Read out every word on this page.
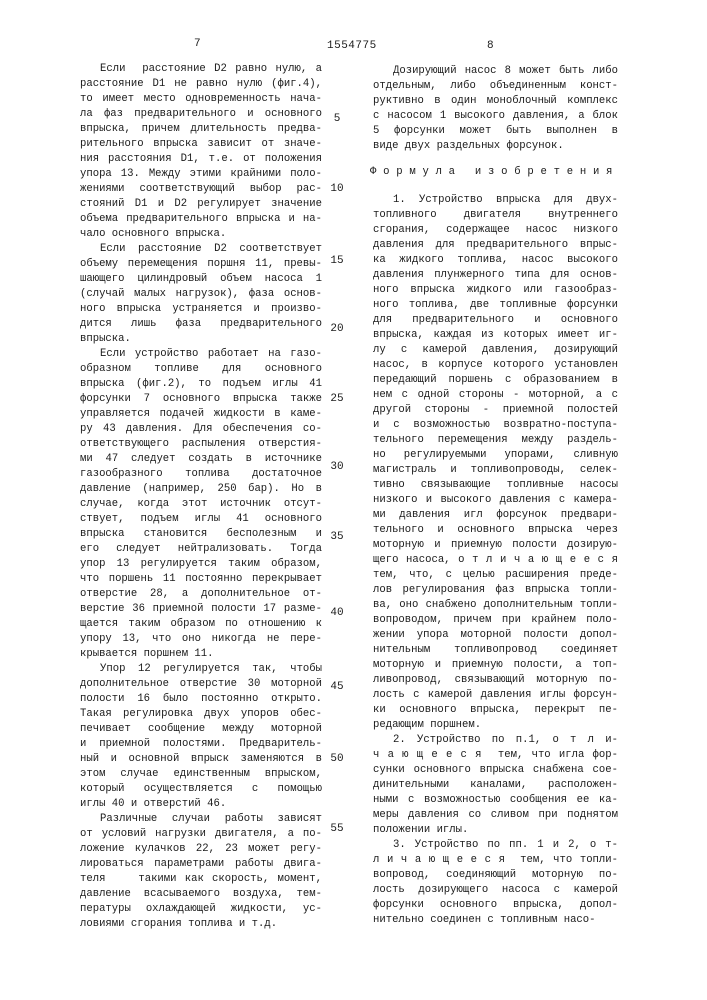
7	1554775	8
Если  расстояние D2 равно нулю, а
расстояние D1 не равно нулю (фиг.4),
то имеет место одновременность нача-
ла фаз предварительного и основного
впрыска, причем длительность предва-
рительного впрыска зависит от значе-
ния расстояния D1, т.е. от положения
упора 13. Между этими крайними поло-
жениями соответствующий выбор рас-
стояний D1 и D2 регулирует значение
объема предварительного впрыска и на-
чало основного впрыска.
Если расстояние D2 соответствует
объему перемещения поршня 11, превы-
шающего цилиндровый объем насоса 1
(случай малых нагрузок), фаза основ-
ного впрыска устраняется и произво-
дится лишь фаза предварительного
впрыска.
Если устройство работает на газо-
образном топливе для основного
впрыска (фиг.2), то подъем иглы 41
форсунки 7 основного впрыска также
управляется подачей жидкости в каме-
ру 43 давления. Для обеспечения со-
ответствующего распыления отверстия-
ми 47 следует создать в источнике
газообразного топлива достаточное
давление (например, 250 бар). Но в
случае, когда этот источник отсут-
ствует, подъем иглы 41 основного
впрыска становится бесполезным и
его следует нейтрализовать. Тогда
упор 13 регулируется таким образом,
что поршень 11 постоянно перекрывает
отверстие 28, а дополнительное от-
верстие 36 приемной полости 17 разме-
щается таким образом по отношению к
упору 13, что оно никогда не пере-
крывается поршнем 11.
Упор 12 регулируется так, чтобы
дополнительное отверстие 30 моторной
полости 16 было постоянно открыто.
Такая регулировка двух упоров обес-
печивает сообщение между моторной
и приемной полостями. Предваритель-
ный и основной впрыск заменяются в
этом случае единственным впрыском,
который осуществляется с помощью
иглы 40 и отверстий 46.
Различные случаи работы зависят
от условий нагрузки двигателя, а по-
ложение кулачков 22, 23 может регу-
лироваться параметрами работы двига-
теля    такими как скорость, момент,
давление всасываемого воздуха, тем-
пературы охлаждающей жидкости, ус-
ловиями сгорания топлива и т.д.
Дозирующий насос 8 может быть либо
отдельным, либо объединенным конст-
руктивно в один моноблочный комплекс
с насосом 1 высокого давления, а блок
5 форсунки может быть выполнен в
виде двух раздельных форсунок.
Ф о р м у л а   и з о б р е т е н и я
1. Устройство впрыска для двух-
топливного двигателя внутреннего
сгорания, содержащее насос низкого
давления для предварительного впрыс-
ка жидкого топлива, насос высокого
давления плунжерного типа для основ-
ного впрыска жидкого или газообраз-
ного топлива, две топливные форсунки
для предварительного и основного
впрыска, каждая из которых имеет иг-
лу с камерой давления, дозирующий
насос, в корпусе которого установлен
передающий поршень с образованием в
нем с одной стороны - моторной, а с
другой стороны - приемной полостей
и с возможностью возвратно-поступа-
тельного перемещения между раздель-
но регулируемыми упорами, сливную
магистраль и топливопроводы, селек-
тивно связывающие топливные насосы
низкого и высокого давления с камера-
ми давления игл форсунок предвари-
тельного и основного впрыска через
моторную и приемную полости дозирую-
щего насоса, о т л и ч а ю щ е е с я
тем, что, с целью расширения преде-
лов регулирования фаз впрыска топли-
ва, оно снабжено дополнительным топли-
вопроводом, причем при крайнем поло-
жении упора моторной полости допол-
нительным топливопровод соединяет
моторную и приемную полости, а топ-
ливопровод, связывающий моторную по-
лость с камерой давления иглы форсун-
ки основного впрыска, перекрыт пе-
редающим поршнем.
2. Устройство по п.1, о т л и-
ч а ю щ е е с я  тем, что игла фор-
сунки основного впрыска снабжена сое-
динительными каналами, расположен-
ными с возможностью сообщения ее ка-
меры давления со сливом при поднятом
положении иглы.
3. Устройство по пп. 1 и 2, о т-
л и ч а ю щ е е с я  тем, что топли-
вопровод, соединяющий моторную по-
лость дозирующего насоса с камерой
форсунки основного впрыска, допол-
нительно соединен с топливным насо-
5
10
15
20
25
30
35
40
45
50
55
